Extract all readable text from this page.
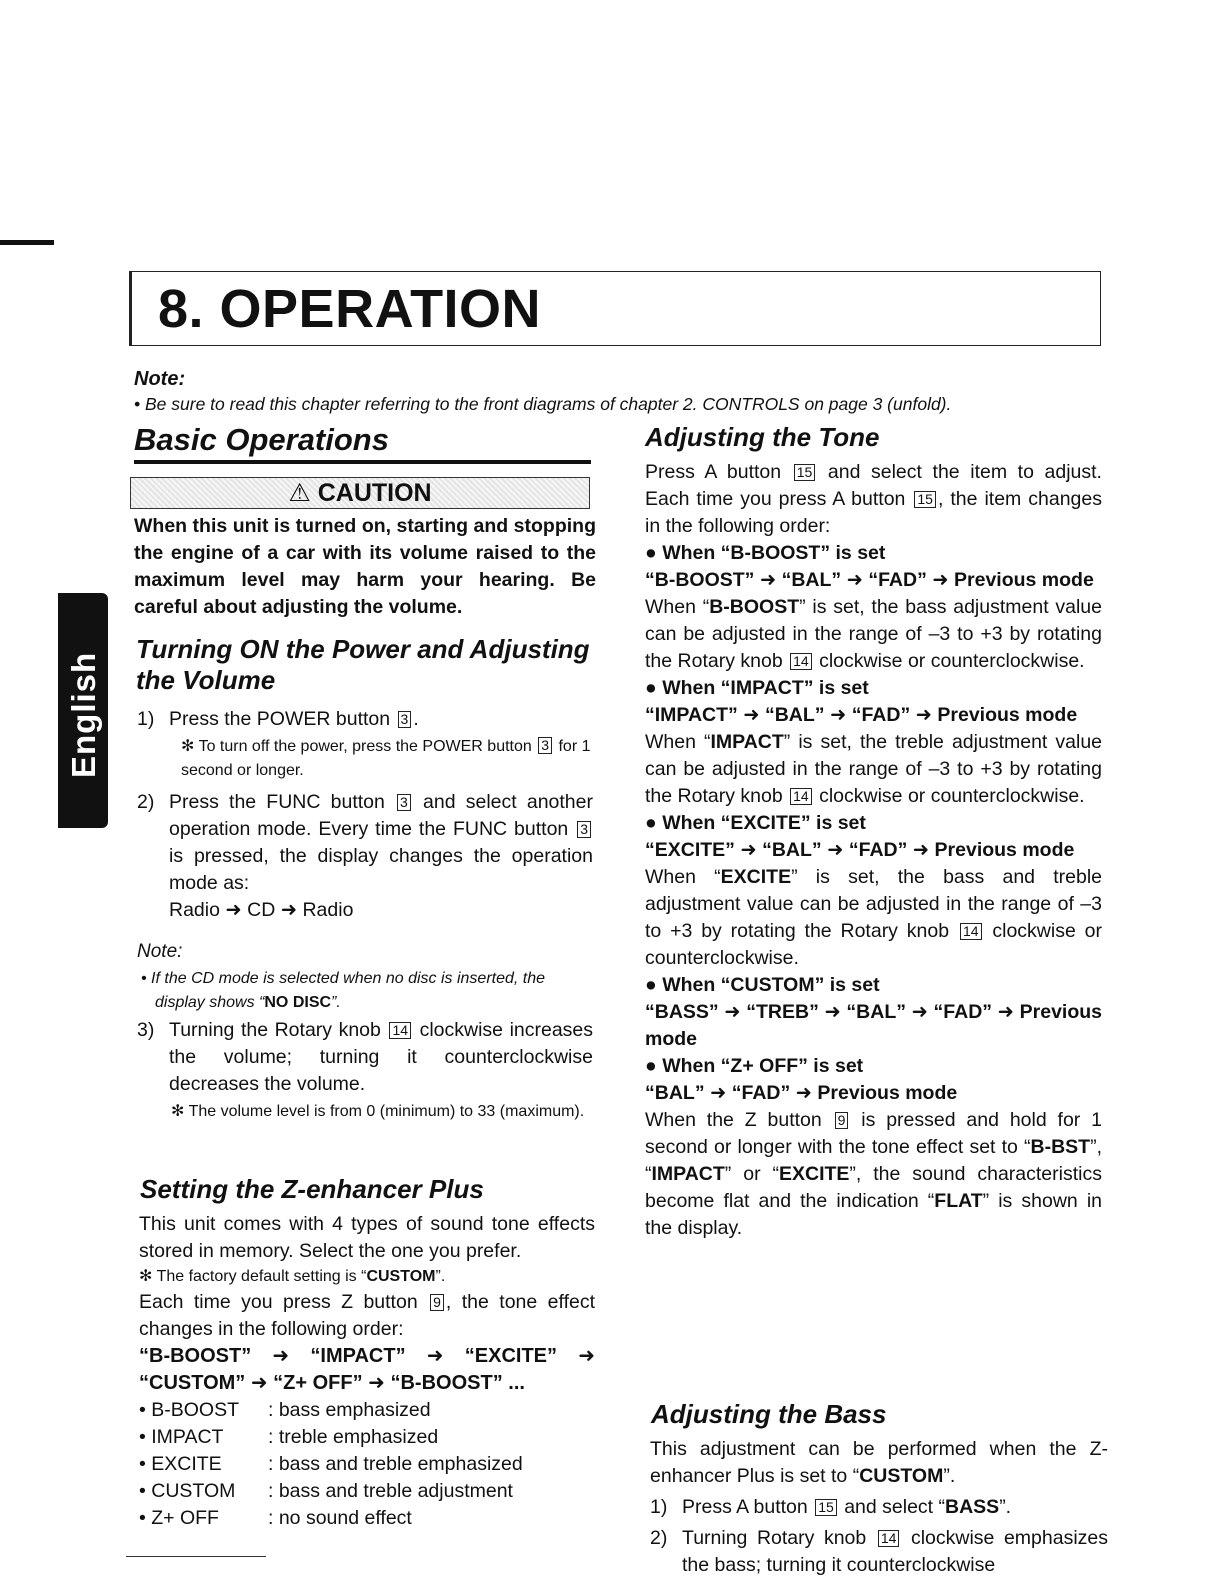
8. OPERATION
Note:
• Be sure to read this chapter referring to the front diagrams of chapter 2. CONTROLS on page 3 (unfold).
English
Basic Operations
⚠ CAUTION
When this unit is turned on, starting and stopping the engine of a car with its volume raised to the maximum level may harm your hearing. Be careful about adjusting the volume.
Turning ON the Power and Adjusting the Volume
1) Press the POWER button 3 .
✻ To turn off the power, press the POWER button 3 for 1 second or longer.
2) Press the FUNC button 3 and select another operation mode. Every time the FUNC button 3 is pressed, the display changes the operation mode as:
Radio ➜ CD ➜ Radio
Note:
• If the CD mode is selected when no disc is inserted, the display shows “NO DISC”.
3) Turning the Rotary knob 14 clockwise increases the volume; turning it counterclockwise decreases the volume.
✻ The volume level is from 0 (minimum) to 33 (maximum).
Setting the Z-enhancer Plus
This unit comes with 4 types of sound tone effects stored in memory. Select the one you prefer.
✻ The factory default setting is “CUSTOM”.
Each time you press Z button 9 , the tone effect changes in the following order:
“B-BOOST” ➜ “IMPACT” ➜ “EXCITE” ➜ “CUSTOM” ➜ “Z+ OFF” ➜ “B-BOOST” ...
• B-BOOST	: bass emphasized
• IMPACT	: treble emphasized
• EXCITE	: bass and treble emphasized
• CUSTOM	: bass and treble adjustment
• Z+ OFF	: no sound effect
Adjusting the Tone
Press A button 15 and select the item to adjust. Each time you press A button 15 , the item changes in the following order:
● When “B-BOOST” is set
“B-BOOST” ➜ “BAL” ➜ “FAD” ➜ Previous mode
When “B-BOOST” is set, the bass adjustment value can be adjusted in the range of –3 to +3 by rotating the Rotary knob 14 clockwise or counterclockwise.
● When “IMPACT” is set
“IMPACT” ➜ “BAL” ➜ “FAD” ➜ Previous mode
When “IMPACT” is set, the treble adjustment value can be adjusted in the range of –3 to +3 by rotating the Rotary knob 14 clockwise or counterclockwise.
● When “EXCITE” is set
“EXCITE” ➜ “BAL” ➜ “FAD” ➜ Previous mode
When “EXCITE” is set, the bass and treble adjustment value can be adjusted in the range of –3 to +3 by rotating the Rotary knob 14 clockwise or counterclockwise.
● When “CUSTOM” is set
“BASS” ➜ “TREB” ➜ “BAL” ➜ “FAD” ➜ Previous mode
● When “Z+ OFF” is set
“BAL” ➜ “FAD” ➜ Previous mode
When the Z button 9 is pressed and hold for 1 second or longer with the tone effect set to “B-BST”, “IMPACT” or “EXCITE”, the sound characteristics become flat and the indication “FLAT” is shown in the display.
Adjusting the Bass
This adjustment can be performed when the Z-enhancer Plus is set to “CUSTOM”.
1) Press A button 15 and select “BASS”.
2) Turning Rotary knob 14 clockwise emphasizes the bass; turning it counterclockwise
